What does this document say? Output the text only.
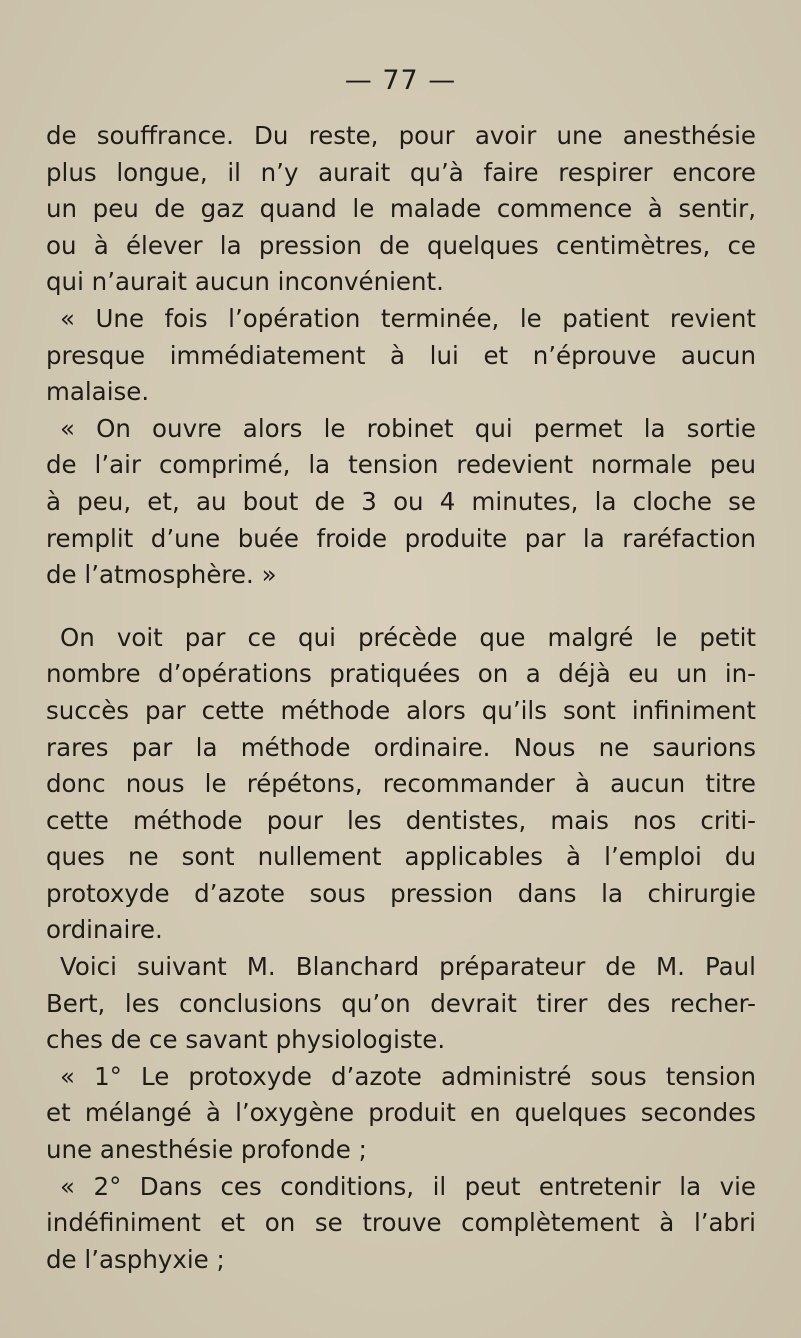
— 77 —
de souffrance. Du reste, pour avoir une anesthésie
plus longue, il n’y aurait qu’à faire respirer encore
un peu de gaz quand le malade commence à sentir,
ou à élever la pression de quelques centimètres, ce
qui n’aurait aucun inconvénient.
« Une fois l’opération terminée, le patient revient
presque immédiatement à lui et n’éprouve aucun
malaise.
« On ouvre alors le robinet qui permet la sortie
de l’air comprimé, la tension redevient normale peu
à peu, et, au bout de 3 ou 4 minutes, la cloche se
remplit d’une buée froide produite par la raréfaction
de l’atmosphère. »
On voit par ce qui précède que malgré le petit
nombre d’opérations pratiquées on a déjà eu un in-
succès par cette méthode alors qu’ils sont infiniment
rares par la méthode ordinaire. Nous ne saurions
donc nous le répétons, recommander à aucun titre
cette méthode pour les dentistes, mais nos criti-
ques ne sont nullement applicables à l’emploi du
protoxyde d’azote sous pression dans la chirurgie
ordinaire.
Voici suivant M. Blanchard préparateur de M. Paul
Bert, les conclusions qu’on devrait tirer des recher-
ches de ce savant physiologiste.
« 1° Le protoxyde d’azote administré sous tension
et mélangé à l’oxygène produit en quelques secondes
une anesthésie profonde ;
« 2° Dans ces conditions, il peut entretenir la vie
indéfiniment et on se trouve complètement à l’abri
de l’asphyxie ;
